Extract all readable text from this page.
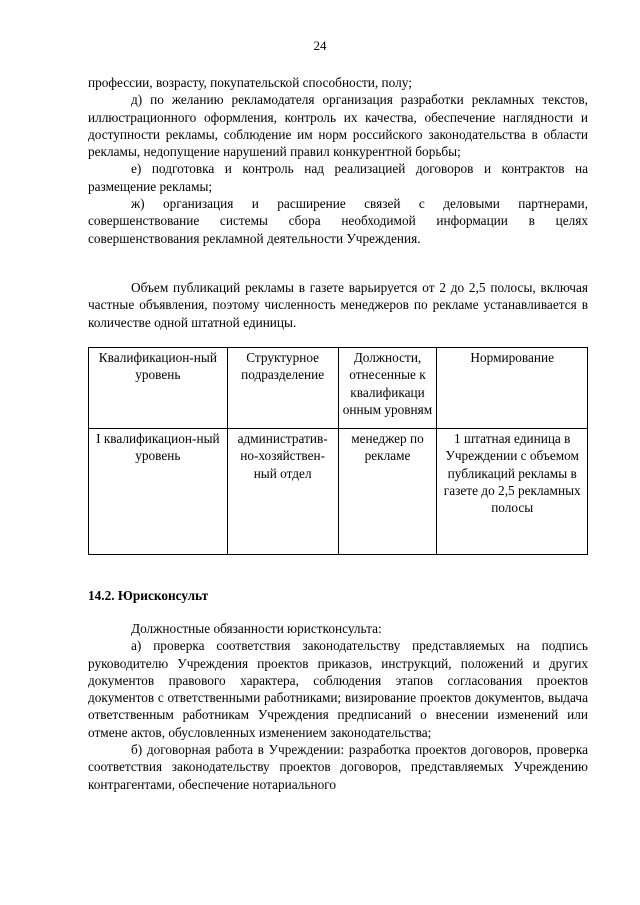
24

профессии, возрасту, покупательской способности, полу;

д) по желанию рекламодателя организация разработки рекламных текстов, иллюстрационного оформления, контроль их качества, обеспечение наглядности и доступности рекламы, соблюдение им норм российского законодательства в области рекламы, недопущение нарушений правил конкурентной борьбы;

е) подготовка и контроль над реализацией договоров и контрактов на размещение рекламы;

ж) организация и расширение связей с деловыми партнерами, совершенствование системы сбора необходимой информации в целях совершенствования рекламной деятельности Учреждения.

Объем публикаций рекламы в газете варьируется от 2 до 2,5 полосы, включая частные объявления, поэтому численность менеджеров по рекламе устанавливается в количестве одной штатной единицы.

Квалификацион-ный уровень	Структурное подразделение	Должности, отнесенные к квалификаци онным уровням	Нормирование
I квалификацион-ный уровень	административ-но-хозяйствен-ный отдел	менеджер по рекламе	1 штатная единица в Учреждении с объемом публикаций рекламы в газете до 2,5 рекламных полосы
14.2. Юрисконсульт

Должностные обязанности юристконсульта:

а) проверка соответствия законодательству представляемых на подпись руководителю Учреждения проектов приказов, инструкций, положений и других документов правового характера, соблюдения этапов согласования проектов документов с ответственными работниками; визирование проектов документов, выдача ответственным работникам Учреждения предписаний о внесении изменений или отмене актов, обусловленных изменением законодательства;

б) договорная работа в Учреждении: разработка проектов договоров, проверка соответствия законодательству проектов договоров, представляемых Учреждению контрагентами, обеспечение нотариального
